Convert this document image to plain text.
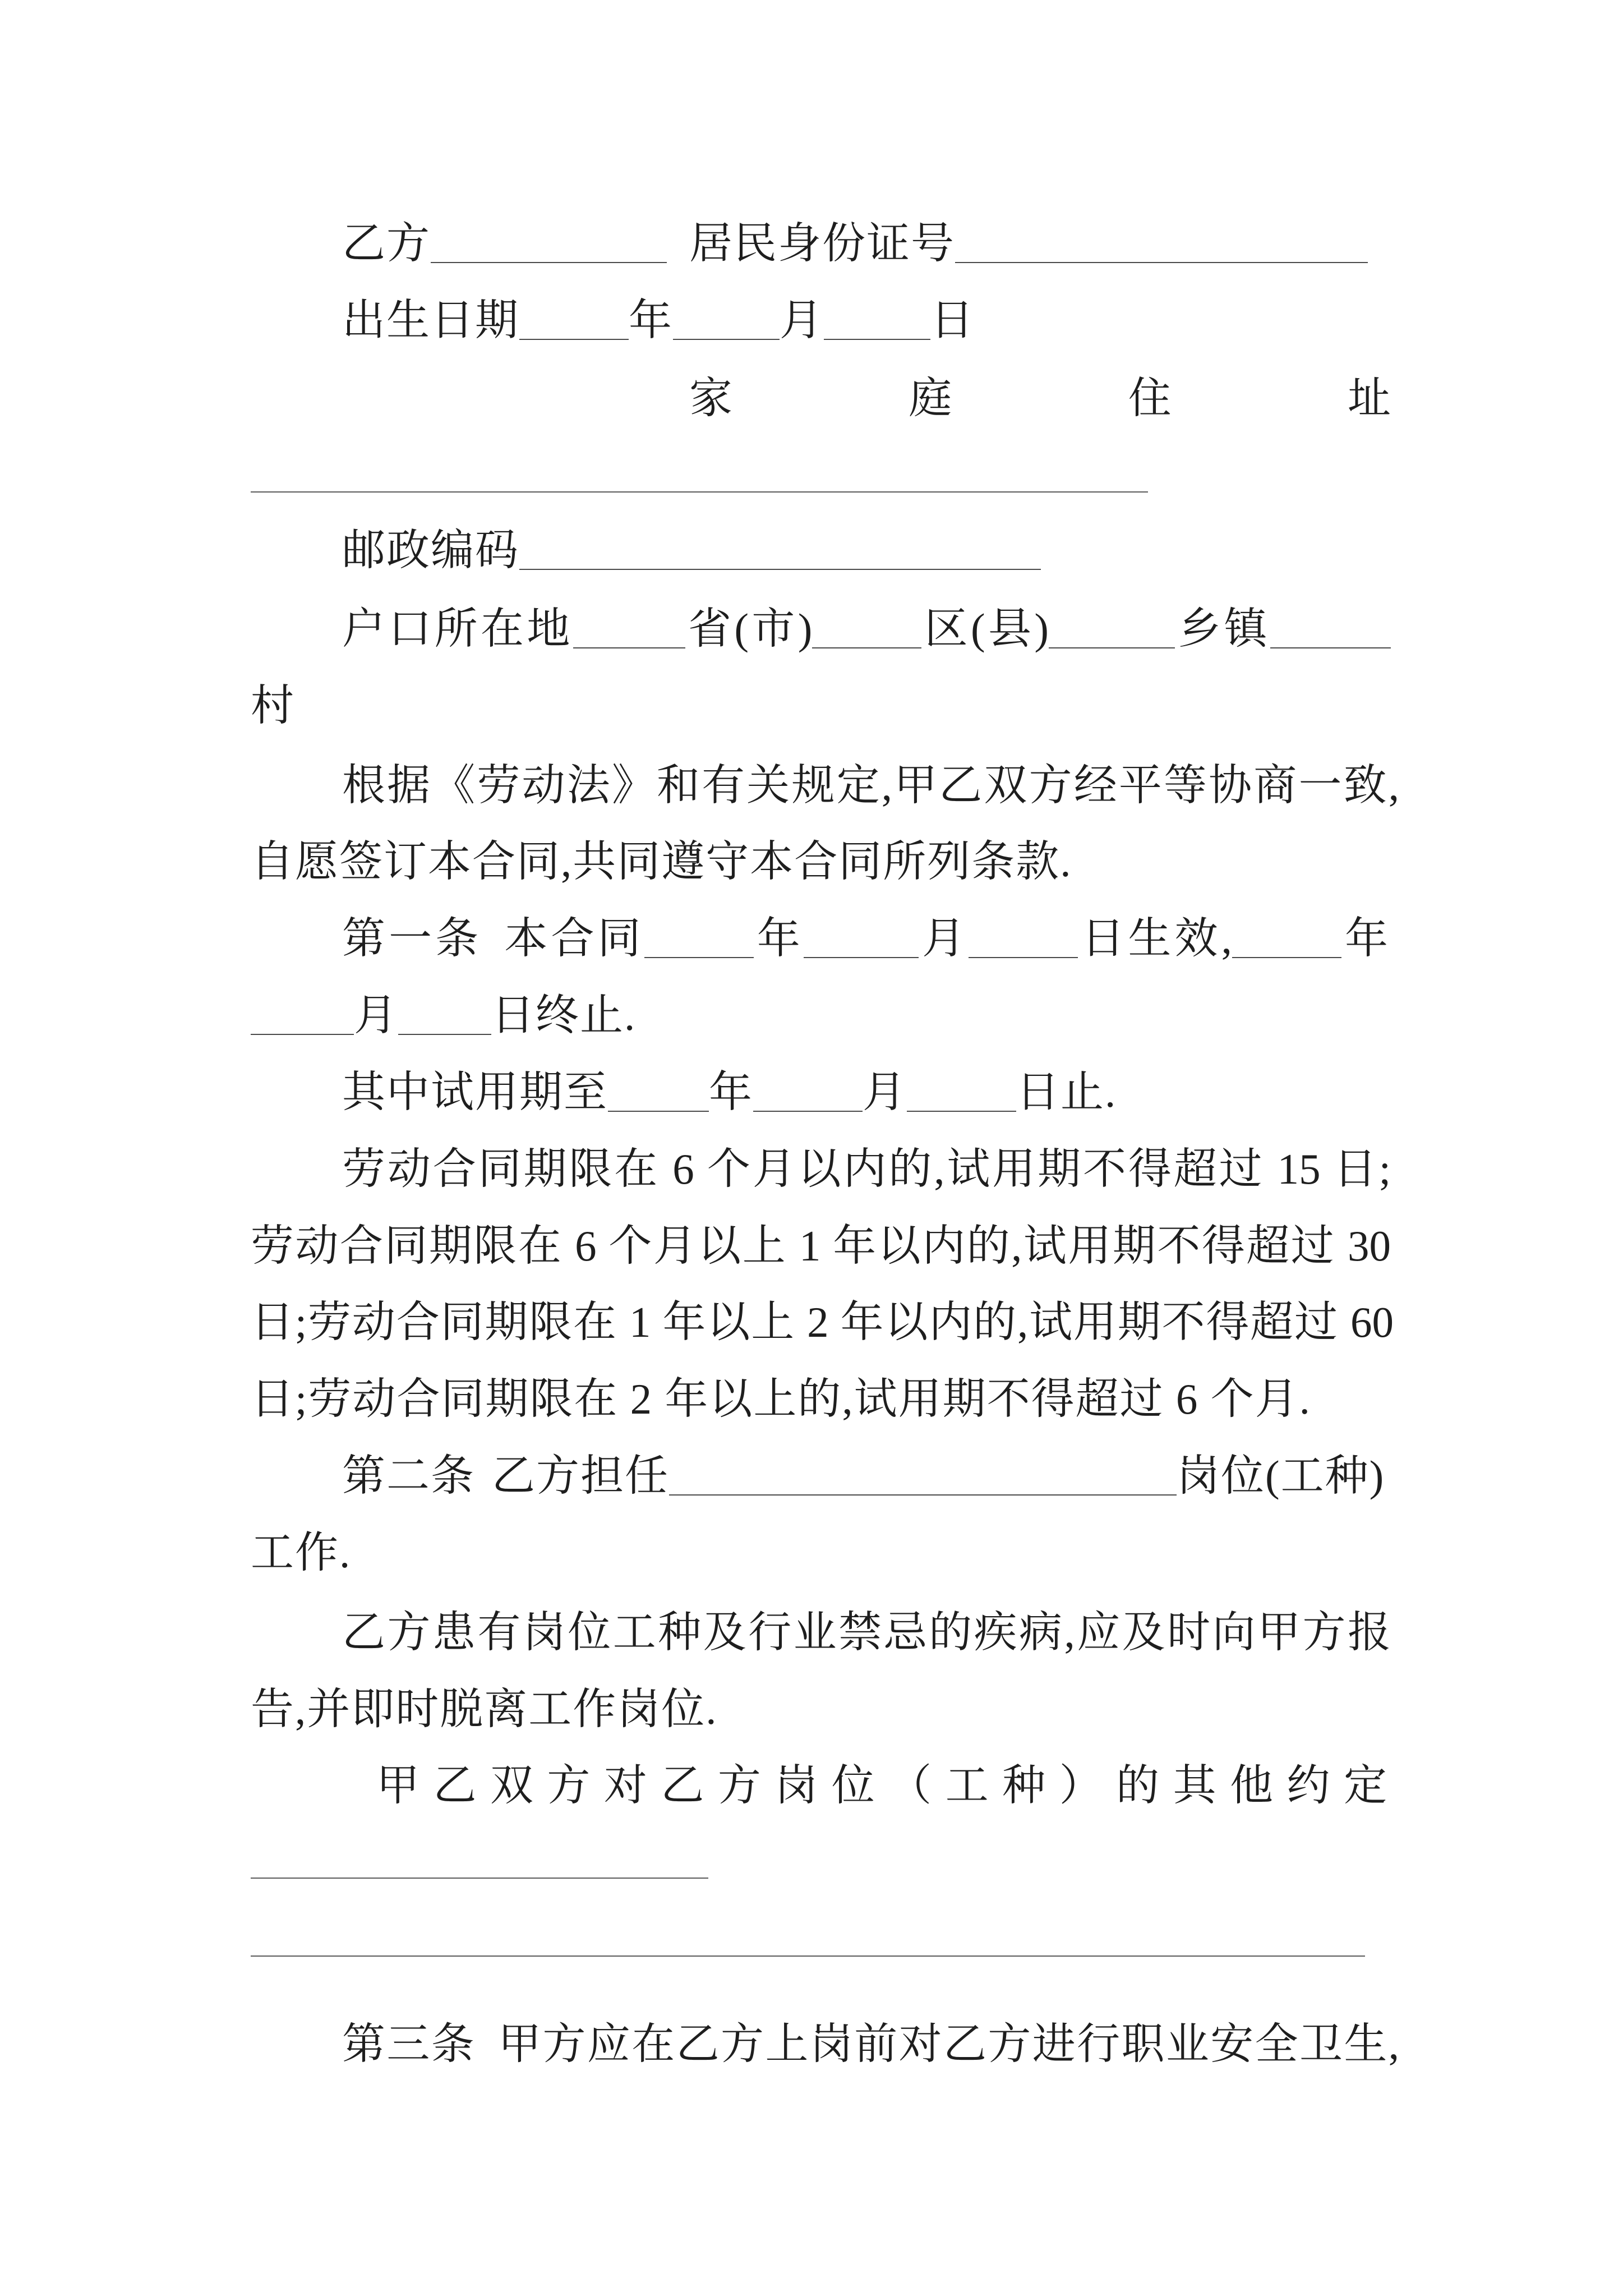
乙方	居民身份证号
出生日期	年 月 日
家庭住址
邮政编码
户口所在地	省(市)	区(县)	乡镇
村
根据《劳动法》和有关规定,甲乙双方经平等协商一致,
自愿签订本合同,共同遵守本合同所列条款.
第一条 本合同	年	月	日生效,	年
月 日终止.
其中试用期至 年	月	日止.
劳动合同期限在 6 个月以内的,试用期不得超过 15 日;
劳动合同期限在 6 个月以上 1 年以内的,试用期不得超过 30
日;劳动合同期限在 1 年以上 2 年以内的,试用期不得超过 60
日;劳动合同期限在 2 年以上的,试用期不得超过 6 个月.
第二条 乙方担任	岗位(工种)
工作.
乙方患有岗位工种及行业禁忌的疾病,应及时向甲方报
告,并即时脱离工作岗位.
甲乙双方对乙方岗位（工种）的其他约定
第三条 甲方应在乙方上岗前对乙方进行职业安全卫生,
